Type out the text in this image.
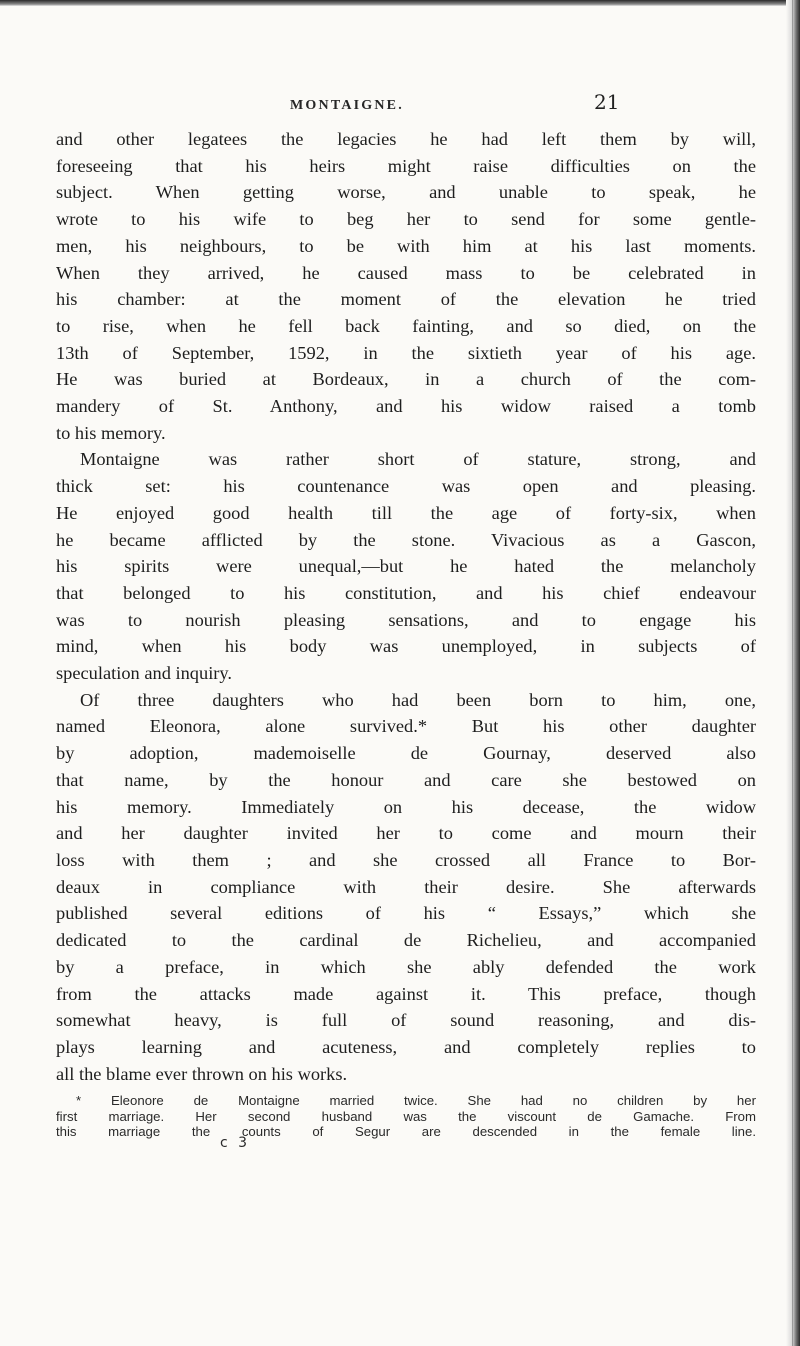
MONTAIGNE.	21
and other legatees the legacies he had left them by will,
foreseeing that his heirs might raise difficulties on the
subject. When getting worse, and unable to speak, he
wrote to his wife to beg her to send for some gentle-
men, his neighbours, to be with him at his last moments.
When they arrived, he caused mass to be celebrated in
his chamber: at the moment of the elevation he tried
to rise, when he fell back fainting, and so died, on the
13th of September, 1592, in the sixtieth year of his age.
He was buried at Bordeaux, in a church of the com-
mandery of St. Anthony, and his widow raised a tomb
to his memory.
Montaigne was rather short of stature, strong, and
thick set: his countenance was open and pleasing.
He enjoyed good health till the age of forty-six, when
he became afflicted by the stone. Vivacious as a Gascon,
his spirits were unequal,—but he hated the melancholy
that belonged to his constitution, and his chief endeavour
was to nourish pleasing sensations, and to engage his
mind, when his body was unemployed, in subjects of
speculation and inquiry.
Of three daughters who had been born to him, one,
named Eleonora, alone survived.* But his other daughter
by adoption, mademoiselle de Gournay, deserved also
that name, by the honour and care she bestowed on
his memory. Immediately on his decease, the widow
and her daughter invited her to come and mourn their
loss with them ; and she crossed all France to Bor-
deaux in compliance with their desire. She afterwards
published several editions of his “ Essays,” which she
dedicated to the cardinal de Richelieu, and accompanied
by a preface, in which she ably defended the work
from the attacks made against it. This preface, though
somewhat heavy, is full of sound reasoning, and dis-
plays learning and acuteness, and completely replies to
all the blame ever thrown on his works.
* Eleonore de Montaigne married twice. She had no children by her
first marriage. Her second husband was the viscount de Gamache. From
this marriage the counts of Segur are descended in the female line.
c 3
